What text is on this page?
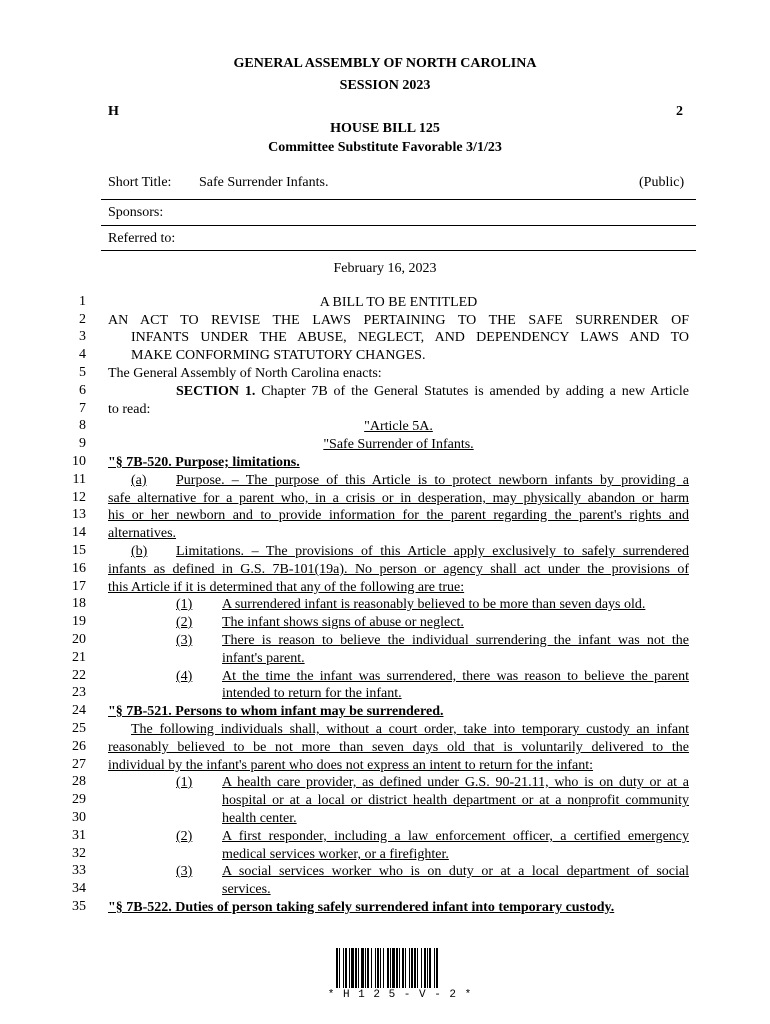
GENERAL ASSEMBLY OF NORTH CAROLINA
SESSION 2023
H	2
HOUSE BILL 125
Committee Substitute Favorable 3/1/23
Short Title: Safe Surrender Infants.	(Public)
Sponsors:
Referred to:
February 16, 2023
1
2
3
4
5
6
7
8
9
10
11
12
13
14
15
16
17
18
19
20
21
22
23
24
25
26
27
28
29
30
31
32
33
34
35
A BILL TO BE ENTITLED
AN ACT TO REVISE THE LAWS PERTAINING TO THE SAFE SURRENDER OF
INFANTS UNDER THE ABUSE, NEGLECT, AND DEPENDENCY LAWS AND TO
MAKE CONFORMING STATUTORY CHANGES.
The General Assembly of North Carolina enacts:
SECTION 1. Chapter 7B of the General Statutes is amended by adding a new Article
to read:
"Article 5A.
"Safe Surrender of Infants.
"§ 7B-520. Purpose; limitations.
(a)	Purpose. – The purpose of this Article is to protect newborn infants by providing a
safe alternative for a parent who, in a crisis or in desperation, may physically abandon or harm
his or her newborn and to provide information for the parent regarding the parent's rights and
alternatives.
(b)	Limitations. – The provisions of this Article apply exclusively to safely surrendered
infants as defined in G.S. 7B-101(19a). No person or agency shall act under the provisions of
this Article if it is determined that any of the following are true:
(1)	A surrendered infant is reasonably believed to be more than seven days old.
(2)	The infant shows signs of abuse or neglect.
(3)	There is reason to believe the individual surrendering the infant was not the
infant's parent.
(4)	At the time the infant was surrendered, there was reason to believe the parent
intended to return for the infant.
"§ 7B-521. Persons to whom infant may be surrendered.
The following individuals shall, without a court order, take into temporary custody an infant
reasonably believed to be not more than seven days old that is voluntarily delivered to the
individual by the infant's parent who does not express an intent to return for the infant:
(1)	A health care provider, as defined under G.S. 90-21.11, who is on duty or at a
hospital or at a local or district health department or at a nonprofit community
health center.
(2)	A first responder, including a law enforcement officer, a certified emergency
medical services worker, or a firefighter.
(3)	A social services worker who is on duty or at a local department of social
services.
"§ 7B-522. Duties of person taking safely surrendered infant into temporary custody.
* H 1 2 5 - V - 2 *
